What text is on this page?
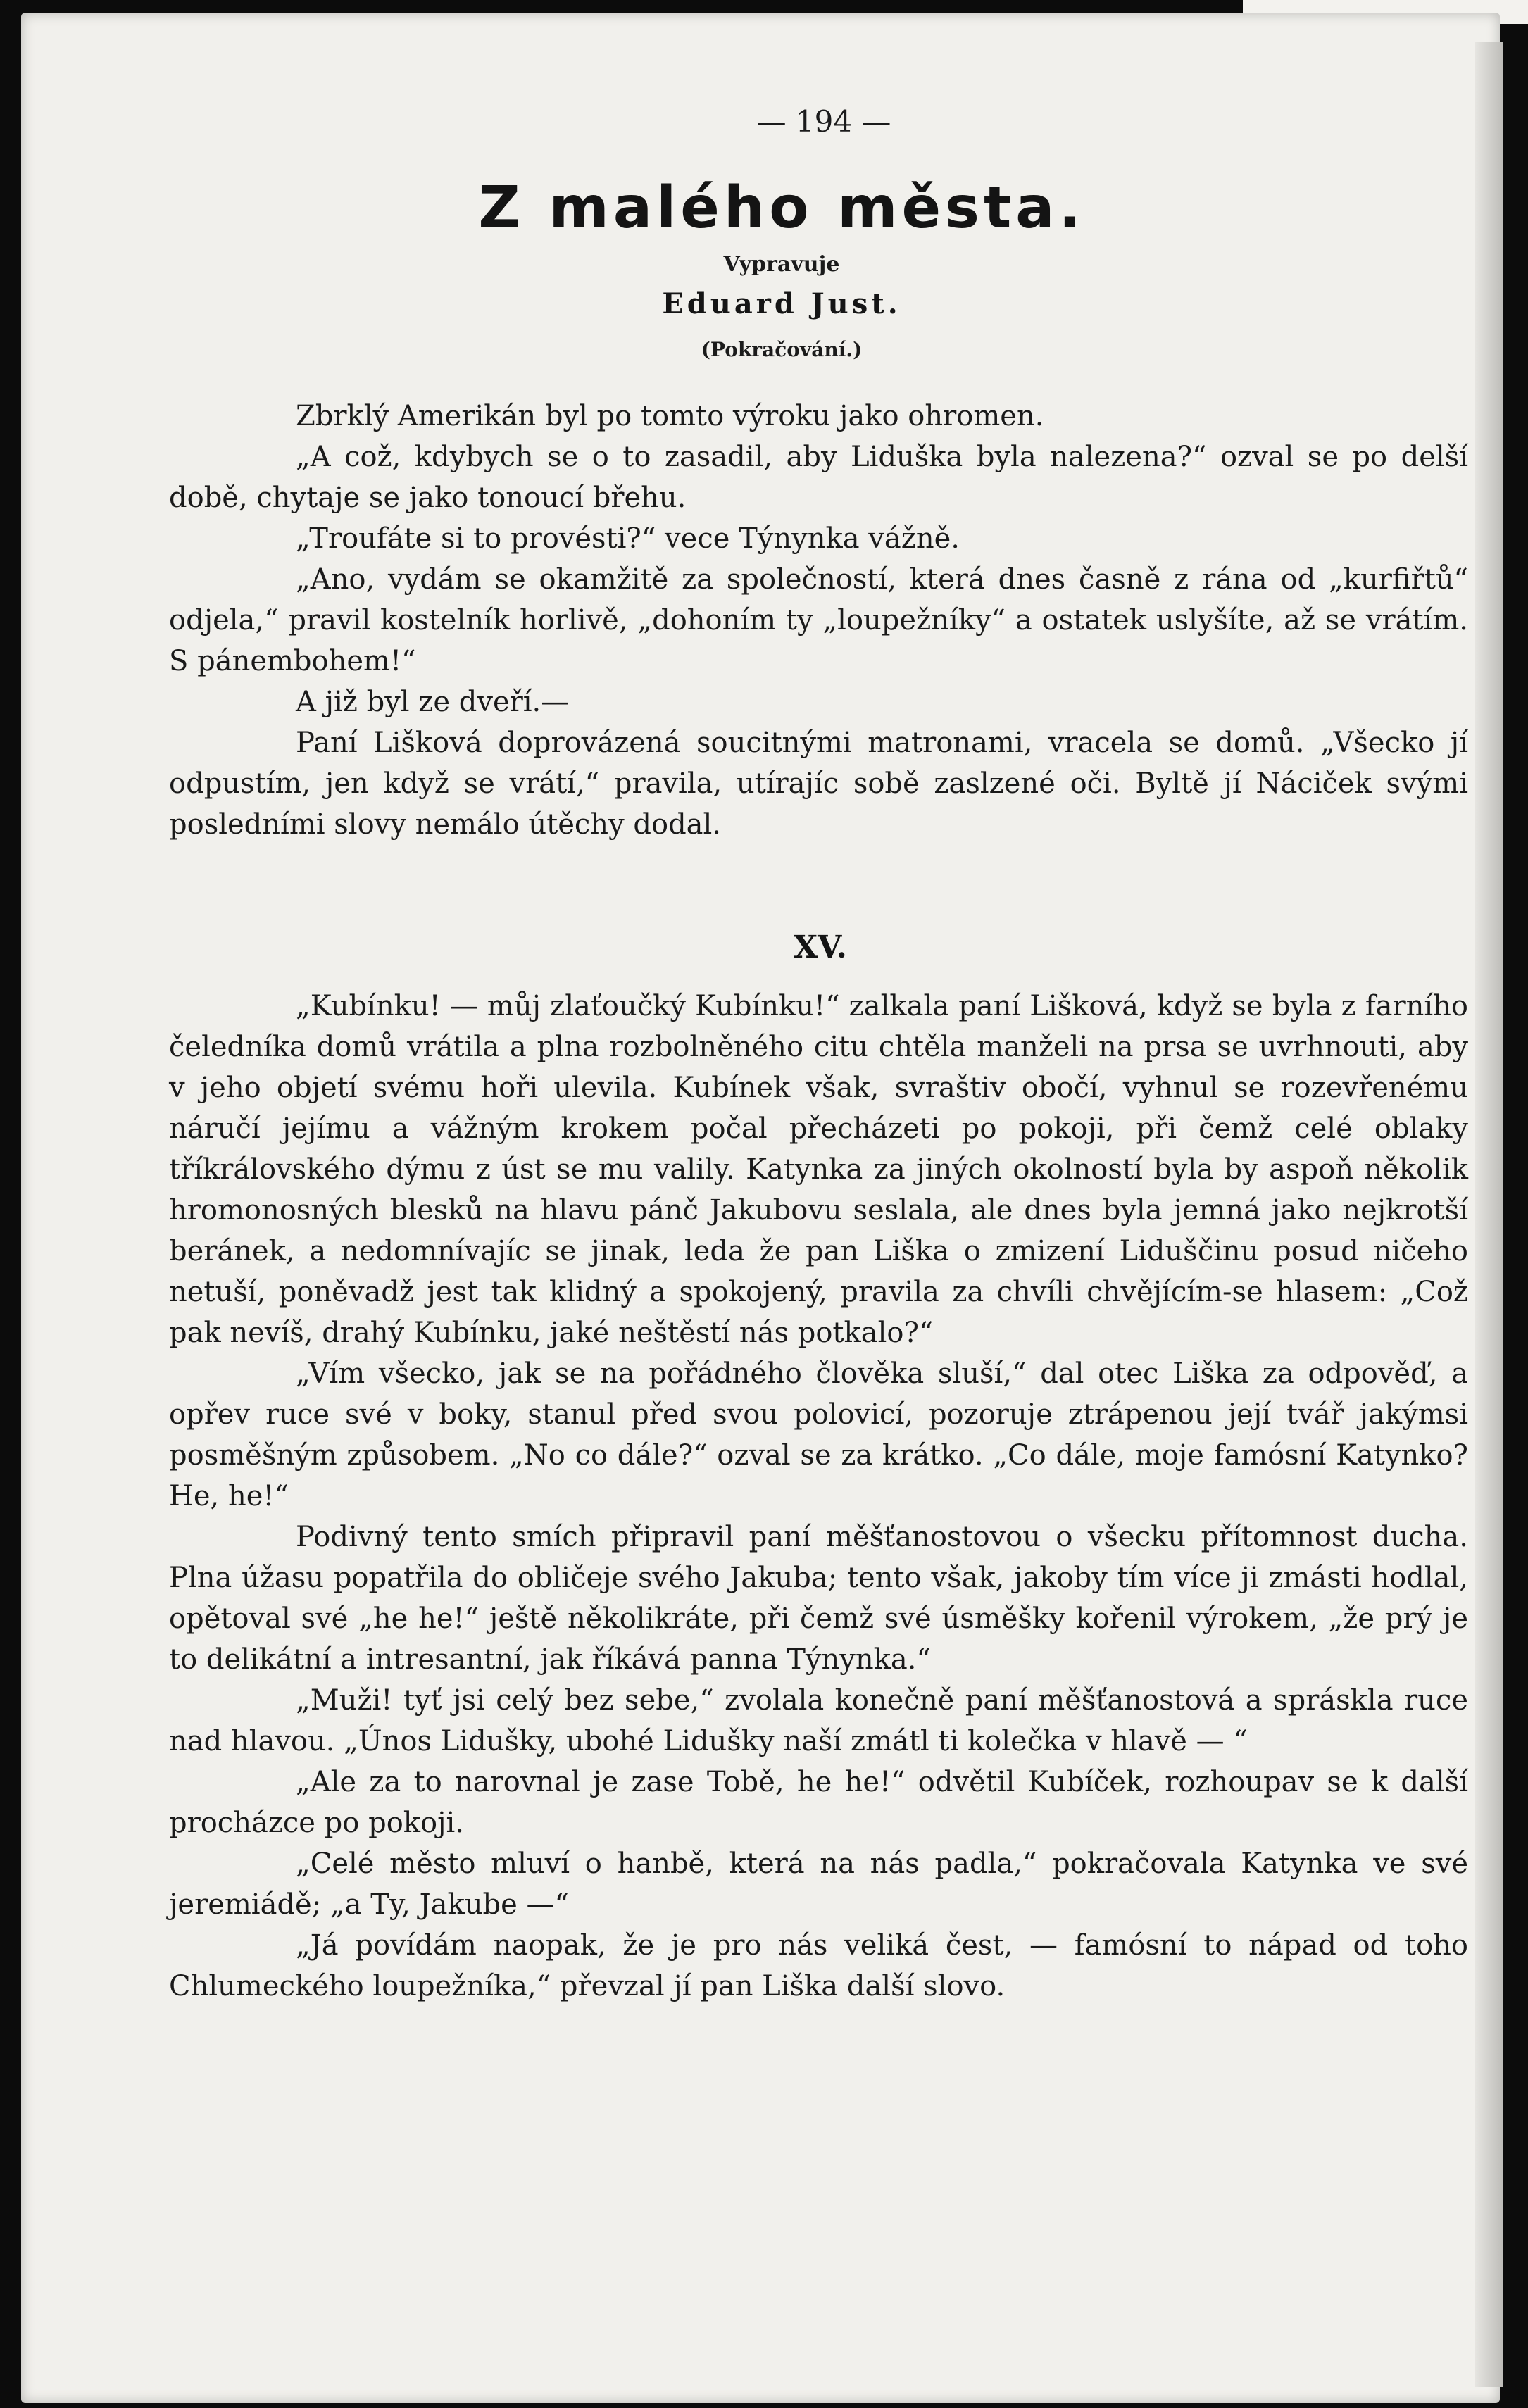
— 194 —
Z malého města.
Vypravuje
Eduard Just.
(Pokračování.)

Zbrklý Amerikán byl po tomto výroku jako ohromen.

„A což, kdybych se o to zasadil, aby Liduška byla nalezena?“ ozval se po delší době, chytaje se jako tonoucí břehu.

„Troufáte si to provésti?“ vece Týnynka vážně.

„Ano, vydám se okamžitě za společností, která dnes časně z rána od „kurfiřtů“ odjela,“ pravil kostelník horlivě, „dohoním ty „loupežníky“ a ostatek uslyšíte, až se vrátím. S pánembohem!“

A již byl ze dveří.—

Paní Lišková doprovázená soucitnými matronami, vracela se domů. „Všecko jí odpustím, jen když se vrátí,“ pravila, utírajíc sobě zaslzené oči. Byltě jí Náciček svými posledními slovy nemálo útěchy dodal.

XV.

„Kubínku! — můj zlaťoučký Kubínku!“ zalkala paní Lišková, když se byla z farního čeledníka domů vrátila a plna rozbolněného citu chtěla manželi na prsa se uvrhnouti, aby v jeho objetí svému hoři ulevila. Kubínek však, svraštiv obočí, vyhnul se rozevřenému náručí jejímu a vážným krokem počal přecházeti po pokoji, při čemž celé oblaky tříkrálovského dýmu z úst se mu valily. Katynka za jiných okolností byla by aspoň několik hromonosných blesků na hlavu pánč Jakubovu seslala, ale dnes byla jemná jako nejkrotší beránek, a nedomnívajíc se jinak, leda že pan Liška o zmizení Liduščinu posud ničeho netuší, poněvadž jest tak klidný a spokojený, pravila za chvíli chvějícím-se hlasem: „Což pak nevíš, drahý Kubínku, jaké neštěstí nás potkalo?“

„Vím všecko, jak se na pořádného člověka sluší,“ dal otec Liška za odpověď, a opřev ruce své v boky, stanul před svou polovicí, pozoruje ztrápenou její tvář jakýmsi posměšným způsobem. „No co dále?“ ozval se za krátko. „Co dále, moje famósní Katynko? He, he!“

Podivný tento smích připravil paní měšťanostovou o všecku přítomnost ducha. Plna úžasu popatřila do obličeje svého Jakuba; tento však, jakoby tím více ji zmásti hodlal, opětoval své „he he!“ ještě několikráte, při čemž své úsměšky kořenil výrokem, „že prý je to delikátní a intresantní, jak říkává panna Týnynka.“

„Muži! tyť jsi celý bez sebe,“ zvolala konečně paní měšťanostová a spráskla ruce nad hlavou. „Únos Lidušky, ubohé Lidušky naší zmátl ti kolečka v hlavě — “

„Ale za to narovnal je zase Tobě, he he!“ odvětil Kubíček, rozhoupav se k další procházce po pokoji.

„Celé město mluví o hanbě, která na nás padla,“ pokračovala Katynka ve své jeremiádě; „a Ty, Jakube —“

„Já povídám naopak, že je pro nás veliká čest, — famósní to nápad od toho Chlumeckého loupežníka,“ převzal jí pan Liška další slovo.
